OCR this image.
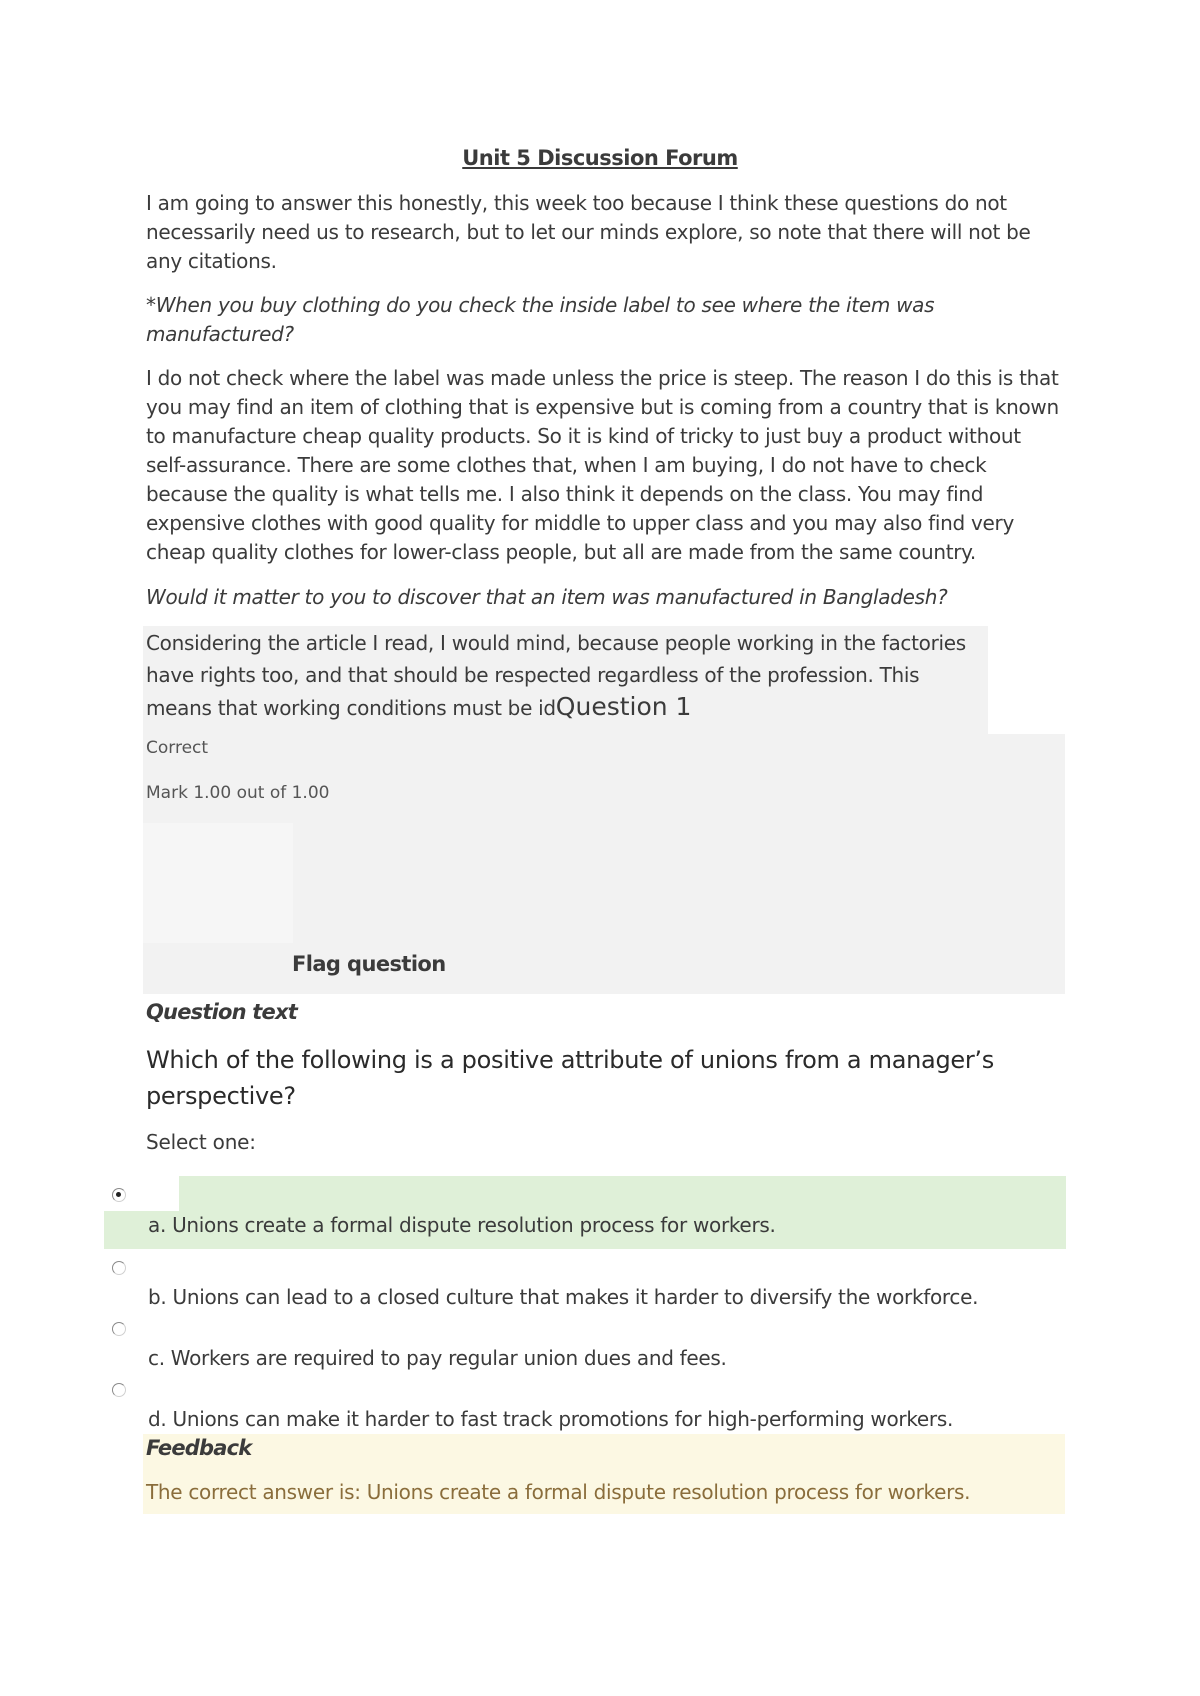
Unit 5 Discussion Forum

I am going to answer this honestly, this week too because I think these questions do not necessarily need us to research, but to let our minds explore, so note that there will not be any citations.

*When you buy clothing do you check the inside label to see where the item was manufactured?

I do not check where the label was made unless the price is steep. The reason I do this is that you may find an item of clothing that is expensive but is coming from a country that is known to manufacture cheap quality products. So it is kind of tricky to just buy a product without self-assurance. There are some clothes that, when I am buying, I do not have to check because the quality is what tells me. I also think it depends on the class. You may find expensive clothes with good quality for middle to upper class and you may also find very cheap quality clothes for lower-class people, but all are made from the same country.

Would it matter to you to discover that an item was manufactured in Bangladesh?

Considering the article I read, I would mind, because people working in the factories have rights too, and that should be respected regardless of the profession. This means that working conditions must be idQuestion 1

Correct
Mark 1.00 out of 1.00
Flag question
Question text

Which of the following is a positive attribute of unions from a manager’s perspective?

Select one:
a. Unions create a formal dispute resolution process for workers.
b. Unions can lead to a closed culture that makes it harder to diversify the workforce.
c. Workers are required to pay regular union dues and fees.
d. Unions can make it harder to fast track promotions for high-performing workers.
Feedback
The correct answer is: Unions create a formal dispute resolution process for workers.
